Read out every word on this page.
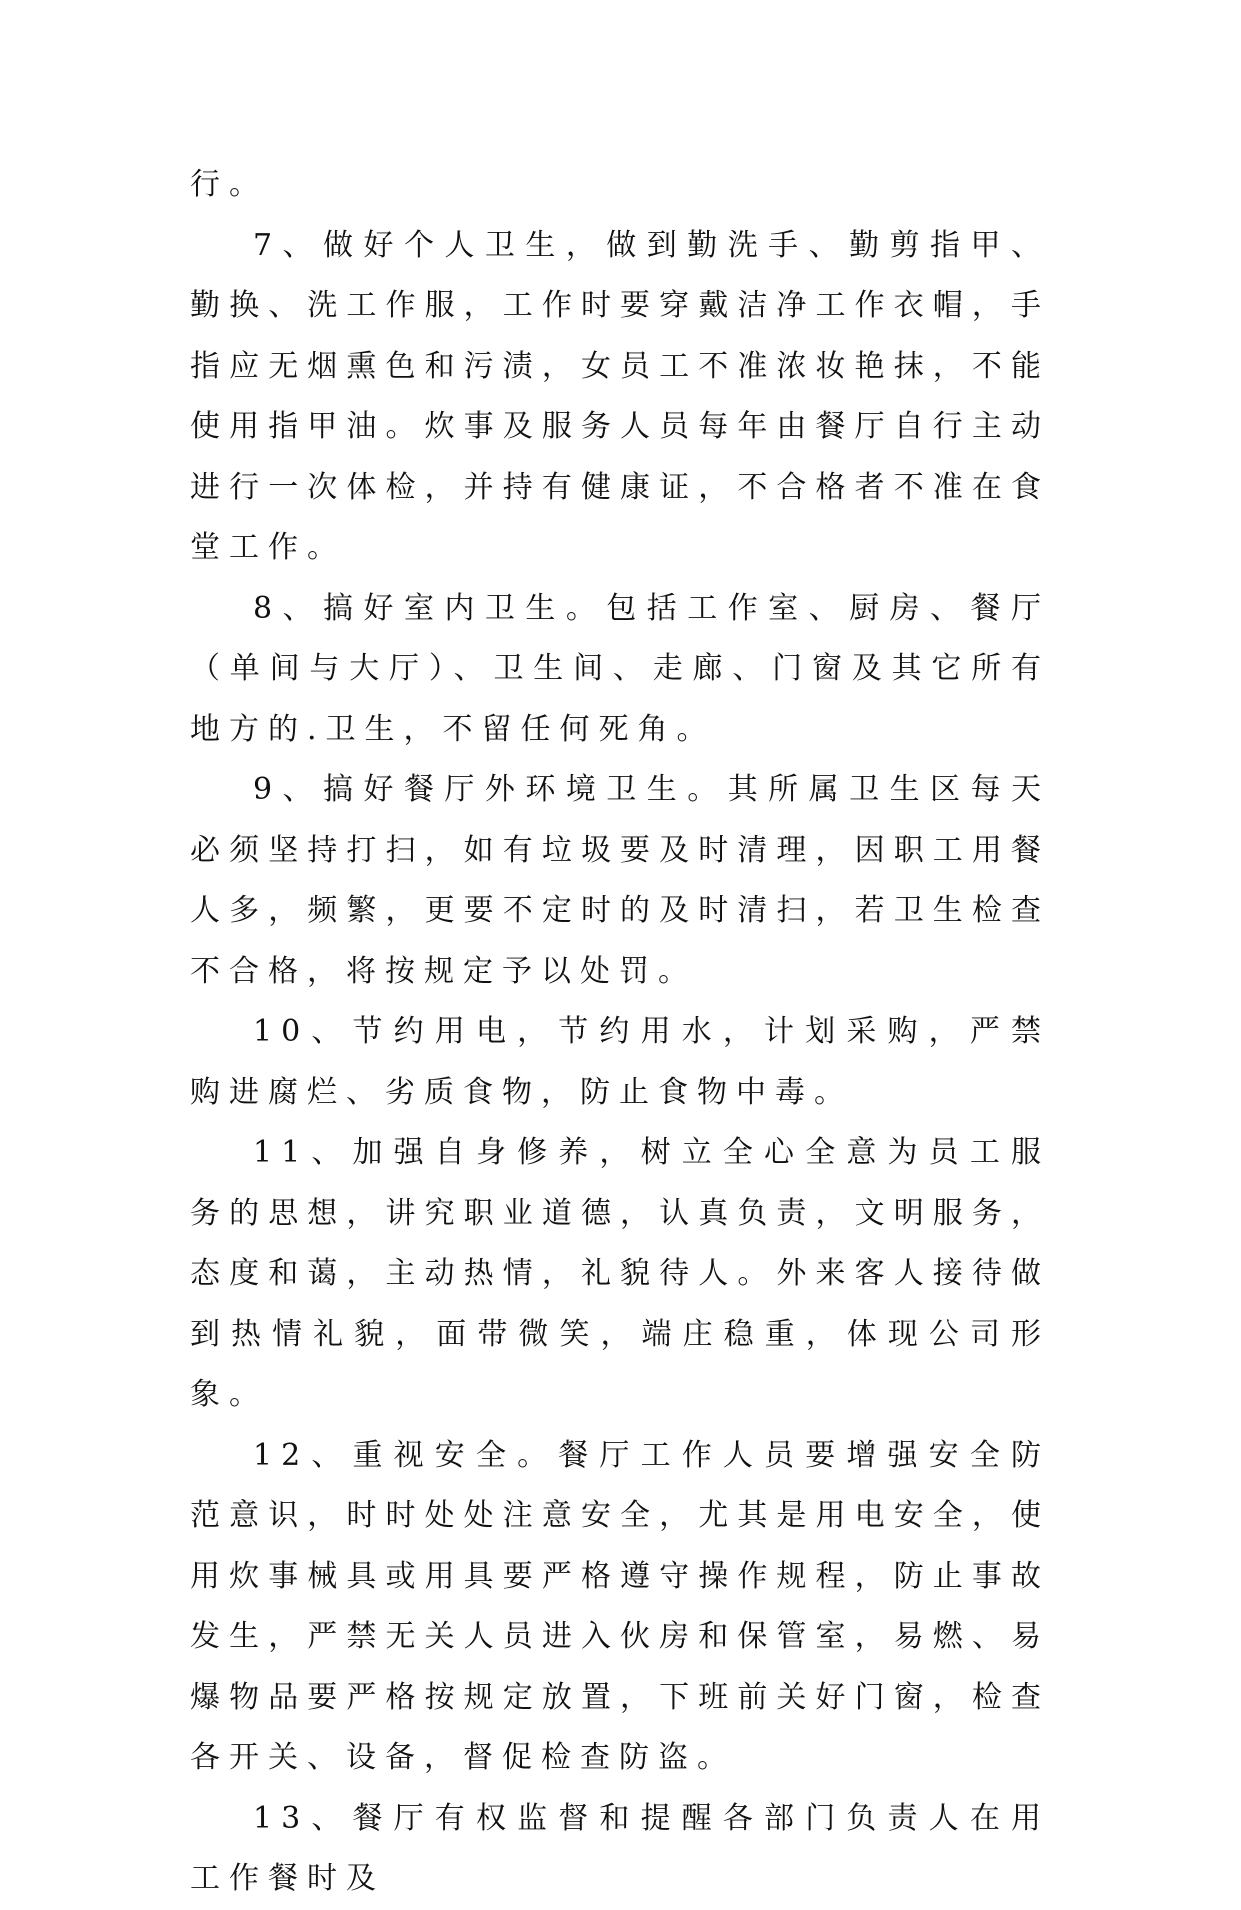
行。

7、做好个人卫生，做到勤洗手、勤剪指甲、勤换、洗工作服，工作时要穿戴洁净工作衣帽，手指应无烟熏色和污渍，女员工不准浓妆艳抹，不能使用指甲油。炊事及服务人员每年由餐厅自行主动进行一次体检，并持有健康证，不合格者不准在食堂工作。

8、搞好室内卫生。包括工作室、厨房、餐厅（单间与大厅）、卫生间、走廊、门窗及其它所有地方的.卫生，不留任何死角。

9、搞好餐厅外环境卫生。其所属卫生区每天必须坚持打扫，如有垃圾要及时清理，因职工用餐人多，频繁，更要不定时的及时清扫，若卫生检查不合格，将按规定予以处罚。

10、节约用电，节约用水，计划采购，严禁购进腐烂、劣质食物，防止食物中毒。

11、加强自身修养，树立全心全意为员工服务的思想，讲究职业道德，认真负责，文明服务，态度和蔼，主动热情，礼貌待人。外来客人接待做到热情礼貌，面带微笑，端庄稳重，体现公司形象。

12、重视安全。餐厅工作人员要增强安全防范意识，时时处处注意安全，尤其是用电安全，使用炊事械具或用具要严格遵守操作规程，防止事故发生，严禁无关人员进入伙房和保管室，易燃、易爆物品要严格按规定放置，下班前关好门窗，检查各开关、设备，督促检查防盗。

13、餐厅有权监督和提醒各部门负责人在用工作餐时及
